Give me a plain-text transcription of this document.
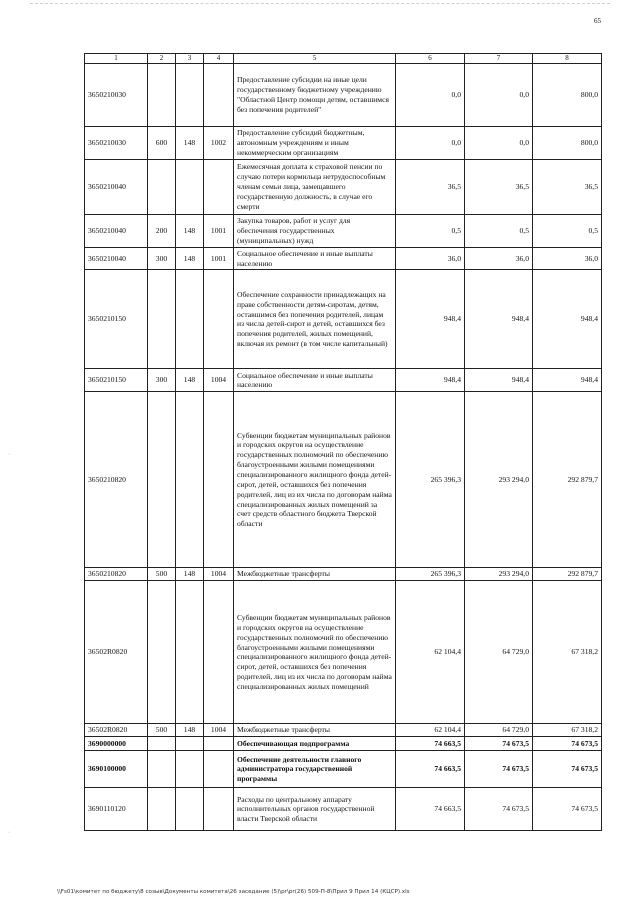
65
1	2	3	4	5	6	7	8
3650210030				Предоставление субсидии на иные цели государственному бюджетному учреждению "Областной Центр помощи детям, оставшимся без попечения родителей"	0,0	0,0	800,0
3650210030	600	148	1002	Предоставление субсидий бюджетным, автономным учреждениям и иным некоммерческим организациям	0,0	0,0	800,0
3650210040				Ежемесячная доплата к страховой пенсии по случаю потери кормильца нетрудоспособным членам семьи лица, замещавшего государственную должность, в случае его смерти	36,5	36,5	36,5
3650210040	200	148	1001	Закупка товаров, работ и услуг для обеспечения государственных (муниципальных) нужд	0,5	0,5	0,5
3650210040	300	148	1001	Социальное обеспечение и иные выплаты населению	36,0	36,0	36,0
3650210150				Обеспечение сохранности принадлежащих на праве собственности детям-сиротам, детям, оставшимся без попечения родителей, лицам из числа детей-сирот и детей, оставшихся без попечения родителей, жилых помещений, включая их ремонт (в том числе капитальный)	948,4	948,4	948,4
3650210150	300	148	1004	Социальное обеспечение и иные выплаты населению	948,4	948,4	948,4
3650210820				Субвенции бюджетам муниципальных районов и городских округов на осуществление государственных полномочий по обеспечению благоустроенными жилыми помещениями специализированного жилищного фонда детей-сирот, детей, оставшихся без попечения родителей, лиц из их числа по договорам найма специализированных жилых помещений за счет средств областного бюджета Тверской области	265 396,3	293 294,0	292 879,7
3650210820	500	148	1004	Межбюджетные трансферты	265 396,3	293 294,0	292 879,7
36502R0820				Субвенции бюджетам муниципальных районов и городских округов на осуществление государственных полномочий по обеспечению благоустроенными жилыми помещениями специализированного жилищного фонда детей-сирот, детей, оставшихся без попечения родителей, лиц из их числа по договорам найма специализированных жилых помещений	62 104,4	64 729,0	67 318,2
36502R0820	500	148	1004	Межбюджетные трансферты	62 104,4	64 729,0	67 318,2
3690000000				Обеспечивающая подпрограмма	74 663,5	74 673,5	74 673,5
3690100000				Обеспечение деятельности главного администратора государственной программы	74 663,5	74 673,5	74 673,5
3690110120				Расходы по центральному аппарату исполнительных органов государственной власти Тверской области	74 663,5	74 673,5	74 673,5
·
·
\\Fs01\комитет по бюджету\8 созыв\Документы комитета\26 заседание (5)\pr\pr(26) 509-П-8\Прил 9 Прил 14 (КЦСР).xls
